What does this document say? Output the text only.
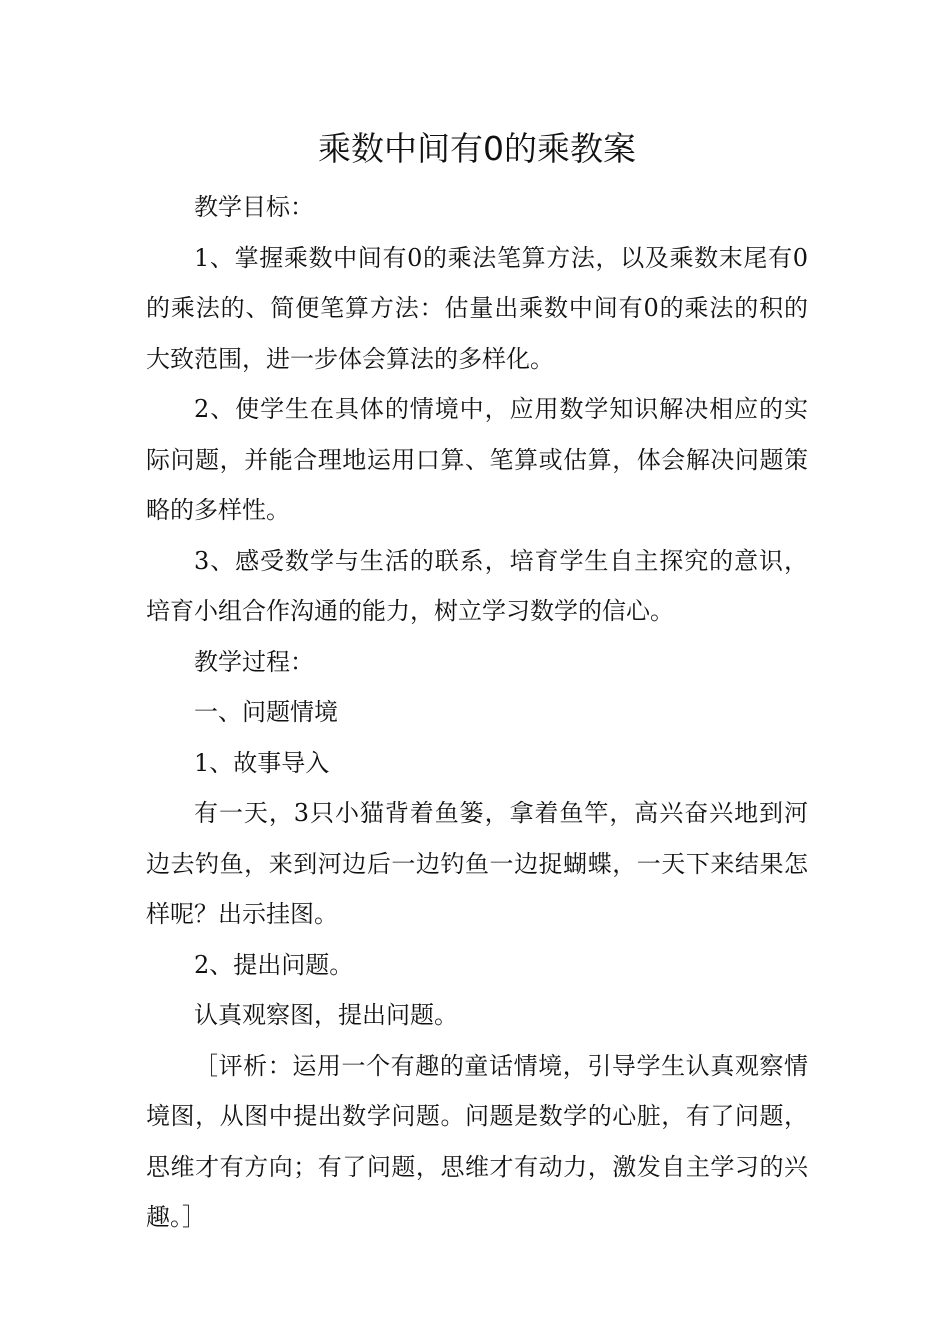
乘数中间有0的乘教案

教学目标：

1、掌握乘数中间有0的乘法笔算方法，以及乘数末尾有0的乘法的、简便笔算方法：估量出乘数中间有0的乘法的积的大致范围，进一步体会算法的多样化。

2、使学生在具体的情境中，应用数学知识解决相应的实际问题，并能合理地运用口算、笔算或估算，体会解决问题策略的多样性。

3、感受数学与生活的联系，培育学生自主探究的意识，培育小组合作沟通的能力，树立学习数学的信心。

教学过程：

一、问题情境

1、故事导入

有一天，3只小猫背着鱼篓，拿着鱼竿，高兴奋兴地到河边去钓鱼，来到河边后一边钓鱼一边捉蝴蝶，一天下来结果怎样呢？出示挂图。

2、提出问题。

认真观察图，提出问题。

［评析：运用一个有趣的童话情境，引导学生认真观察情境图，从图中提出数学问题。问题是数学的心脏，有了问题，思维才有方向；有了问题，思维才有动力，激发自主学习的兴趣。］
